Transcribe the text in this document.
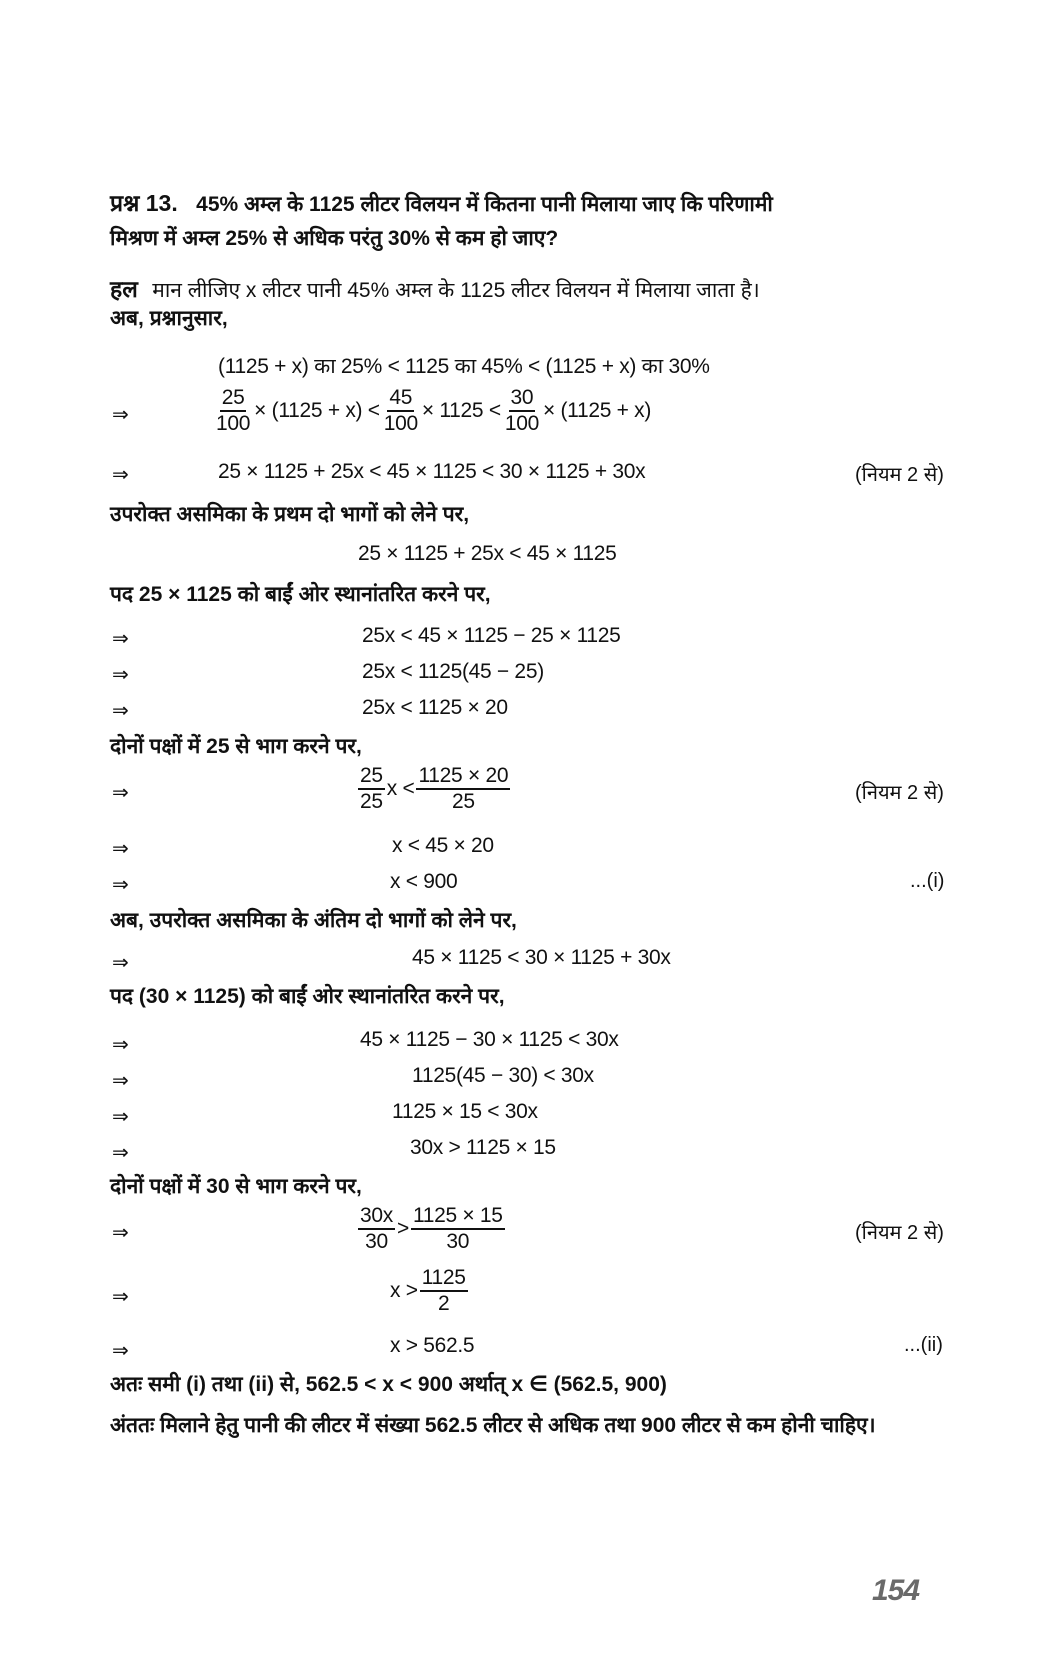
प्रश्न 13. 45% अम्ल के 1125 लीटर विलयन में कितना पानी मिलाया जाए कि परिणामी
मिश्रण में अम्ल 25% से अधिक परंतु 30% से कम हो जाए?
हल मान लीजिए x लीटर पानी 45% अम्ल के 1125 लीटर विलयन में मिलाया जाता है।
अब, प्रश्नानुसार,
(1125 + x) का 25% < 1125 का 45% < (1125 + x) का 30%
⇒	$\frac{25}{100} \times (1125 + x) < \frac{45}{100} \times 1125 < \frac{30}{100} \times (1125 + x)$
⇒	25 × 1125 + 25x < 45 × 1125 < 30 × 1125 + 30x	(नियम 2 से)
उपरोक्त असमिका के प्रथम दो भागों को लेने पर,
25 × 1125 + 25x < 45 × 1125
पद 25 × 1125 को बाईं ओर स्थानांतरित करने पर,
⇒	25x < 45 × 1125 − 25 × 1125
⇒	25x < 1125(45 − 25)
⇒	25x < 1125 × 20
दोनों पक्षों में 25 से भाग करने पर,
⇒	$\frac{25}{25}$ $x < \frac{1125 \times 20}{25}$	(नियम 2 से)
⇒	x < 45 × 20
⇒	x < 900	...(i)
अब, उपरोक्त असमिका के अंतिम दो भागों को लेने पर,
⇒	45 × 1125 < 30 × 1125 + 30x
पद (30 × 1125) को बाईं ओर स्थानांतरित करने पर,
⇒	45 × 1125 − 30 × 1125 < 30x
⇒	1125(45 − 30) < 30x
⇒	1125 × 15 < 30x
⇒	30x > 1125 × 15
दोनों पक्षों में 30 से भाग करने पर,
⇒	$\frac{30x}{30} > \frac{1125 \times 15}{30}$	(नियम 2 से)
⇒	$x > \frac{1125}{2}$
⇒	x > 562.5	...(ii)
अतः समी (i) तथा (ii) से, 562.5 < x < 900 अर्थात् x ∈ (562.5, 900)
अंततः मिलाने हेतु पानी की लीटर में संख्या 562.5 लीटर से अधिक तथा 900 लीटर से कम होनी चाहिए।
154
